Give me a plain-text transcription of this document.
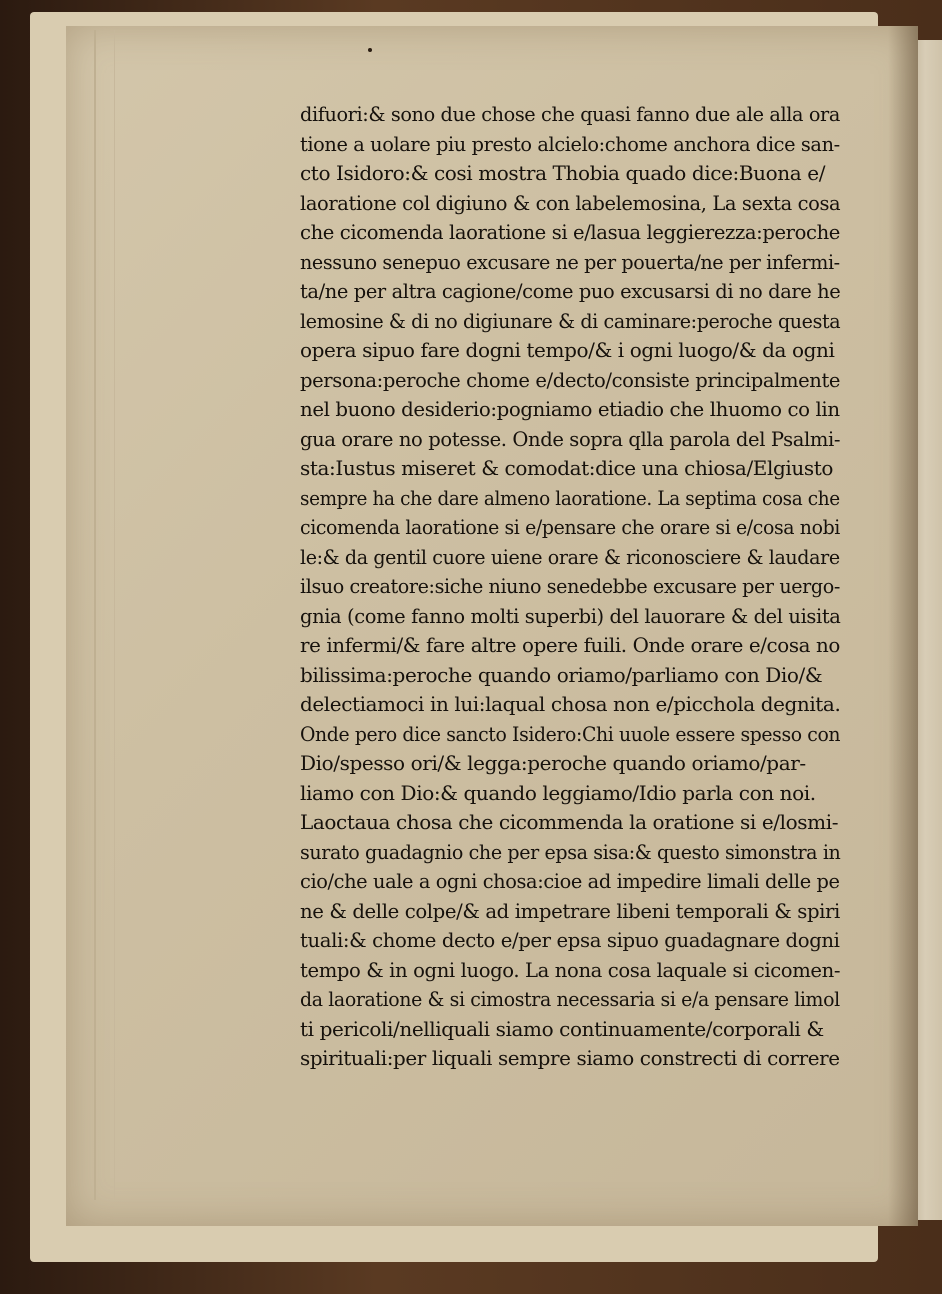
difuori:& sono due chose che quasi fanno due ale alla ora
tione a uolare piu presto alcielo:chome anchora dice san-
cto Isidoro:& cosi mostra Thobia quado dice:Buona e/
laoratione col digiuno & con labelemosina, La sexta cosa
che cicomenda laoratione si e/lasua leggierezza:peroche
nessuno senepuo excusare ne per pouerta/ne per infermi-
ta/ne per altra cagione/come puo excusarsi di no dare he
lemosine & di no digiunare & di caminare:peroche questa
opera sipuo fare dogni tempo/& i ogni luogo/& da ogni
persona:peroche chome e/decto/consiste principalmente
nel buono desiderio:pogniamo etiadio che lhuomo co lin
gua orare no potesse. Onde sopra qlla parola del Psalmi-
sta:Iustus miseret & comodat:dice una chiosa/Elgiusto
sempre ha che dare almeno laoratione. La septima cosa che
cicomenda laoratione si e/pensare che orare si e/cosa nobi
le:& da gentil cuore uiene orare & riconosciere & laudare
ilsuo creatore:siche niuno senedebbe excusare per uergo-
gnia (come fanno molti superbi) del lauorare & del uisita
re infermi/& fare altre opere fuili. Onde orare e/cosa no
bilissima:peroche quando oriamo/parliamo con Dio/&
delectiamoci in lui:laqual chosa non e/picchola degnita.
Onde pero dice sancto Isidero:Chi uuole essere spesso con
Dio/spesso ori/& legga:peroche quando oriamo/par-
liamo con Dio:& quando leggiamo/Idio parla con noi.
Laoctaua chosa che cicommenda la oratione si e/losmi-
surato guadagnio che per epsa sisa:& questo simonstra in
cio/che uale a ogni chosa:cioe ad impedire limali delle pe
ne & delle colpe/& ad impetrare libeni temporali & spiri
tuali:& chome decto e/per epsa sipuo guadagnare dogni
tempo & in ogni luogo. La nona cosa laquale si cicomen-
da laoratione & si cimostra necessaria si e/a pensare limol
ti pericoli/nelliquali siamo continuamente/corporali &
spirituali:per liquali sempre siamo constrecti di correre
